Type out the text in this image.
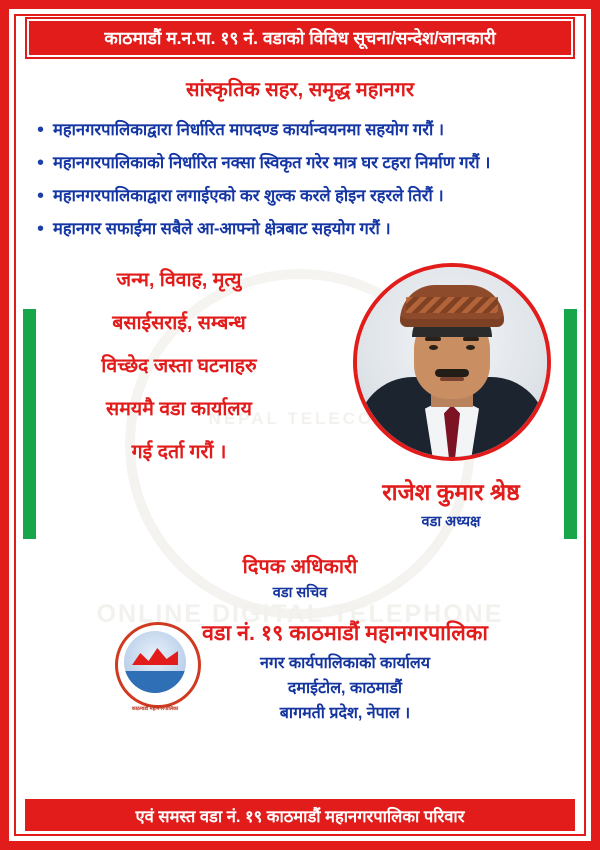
NEPAL TELECOM
ONLINE DIGITAL TELEPHONE
काठमाडौं म.न.पा. १९ नं. वडाको विविध सूचना/सन्देश/जानकारी
सांस्कृतिक सहर, समृद्ध महानगर
• महानगरपालिकाद्वारा निर्धारित मापदण्ड कार्यान्वयनमा सहयोग गरौं ।
• महानगरपालिकाको निर्धारित नक्सा स्विकृत गरेर मात्र घर टहरा निर्माण गरौं ।
• महानगरपालिकाद्वारा लगाईएको कर शुल्क करले होइन रहरले तिरौं ।
• महानगर सफाईमा सबैले आ-आफ्नो क्षेत्रबाट सहयोग गरौं ।
जन्म, विवाह, मृत्यु
बसाईसराई, सम्बन्ध
विच्छेद जस्ता घटनाहरु
समयमै वडा कार्यालय
गई दर्ता गरौं ।
राजेश कुमार श्रेष्ठ
वडा अध्यक्ष
दिपक अधिकारी
वडा सचिव
काठमाडौं महानगरपालिका
वडा नं. १९ काठमाडौं महानगरपालिका
नगर कार्यपालिकाको कार्यालय
दमाईटोल, काठमाडौं
बागमती प्रदेश, नेपाल ।
एवं समस्त वडा नं. १९ काठमाडौं महानगरपालिका परिवार
